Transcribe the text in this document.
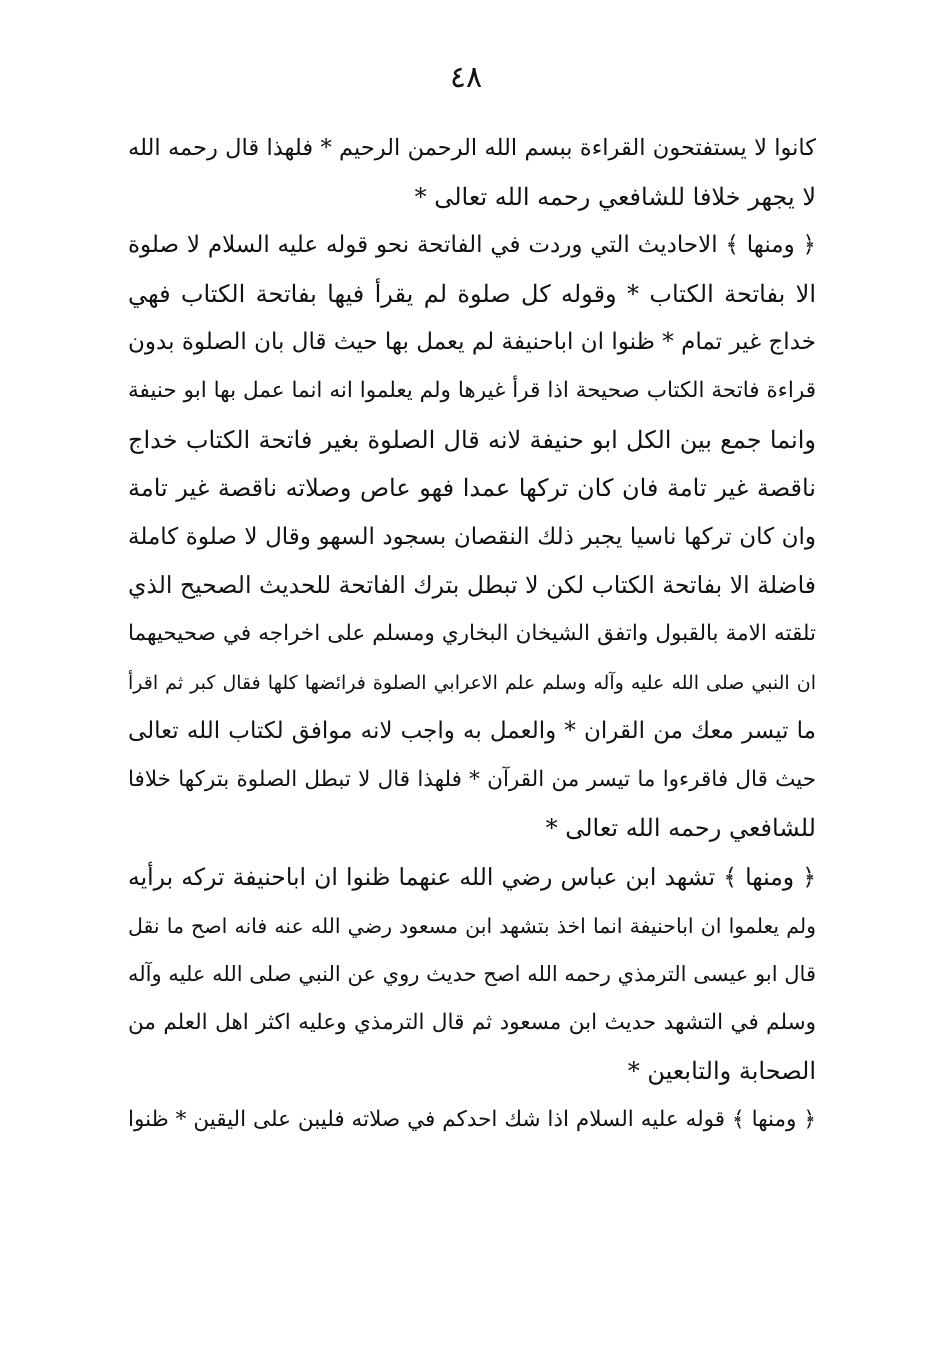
٤٨
كانوا لا يستفتحون القراءة ببسم الله الرحمن الرحيم * فلهذا قال رحمه الله
لا يجهر خلافا للشافعي رحمه الله تعالى *
﴿ ومنها ﴾ الاحاديث التي وردت في الفاتحة نحو قوله عليه السلام لا صلوة
الا بفاتحة الكتاب * وقوله كل صلوة لم يقرأ فيها بفاتحة الكتاب فهي
خداج غير تمام * ظنوا ان اباحنيفة لم يعمل بها حيث قال بان الصلوة بدون
قراءة فاتحة الكتاب صحيحة اذا قرأ غيرها ولم يعلموا انه انما عمل بها ابو حنيفة
وانما جمع بين الكل ابو حنيفة لانه قال الصلوة بغير فاتحة الكتاب خداج
ناقصة غير تامة فان كان تركها عمدا فهو عاص وصلاته ناقصة غير تامة
وان كان تركها ناسيا يجبر ذلك النقصان بسجود السهو وقال لا صلوة كاملة
فاضلة الا بفاتحة الكتاب لكن لا تبطل بترك الفاتحة للحديث الصحيح الذي
تلقته الامة بالقبول واتفق الشيخان البخاري ومسلم على اخراجه في صحيحيهما
ان النبي صلى الله عليه وآله وسلم علم الاعرابي الصلوة فرائضها كلها فقال كبر ثم اقرأ
ما تيسر معك من القران * والعمل به واجب لانه موافق لكتاب الله تعالى
حيث قال فاقرءوا ما تيسر من القرآن * فلهذا قال لا تبطل الصلوة بتركها خلافا
للشافعي رحمه الله تعالى *
﴿ ومنها ﴾ تشهد ابن عباس رضي الله عنهما ظنوا ان اباحنيفة تركه برأيه
ولم يعلموا ان اباحنيفة انما اخذ بتشهد ابن مسعود رضي الله عنه فانه اصح ما نقل
قال ابو عيسى الترمذي رحمه الله اصح حديث روي عن النبي صلى الله عليه وآله
وسلم في التشهد حديث ابن مسعود ثم قال الترمذي وعليه اكثر اهل العلم من
الصحابة والتابعين *
﴿ ومنها ﴾ قوله عليه السلام اذا شك احدكم في صلاته فليبن على اليقين * ظنوا
